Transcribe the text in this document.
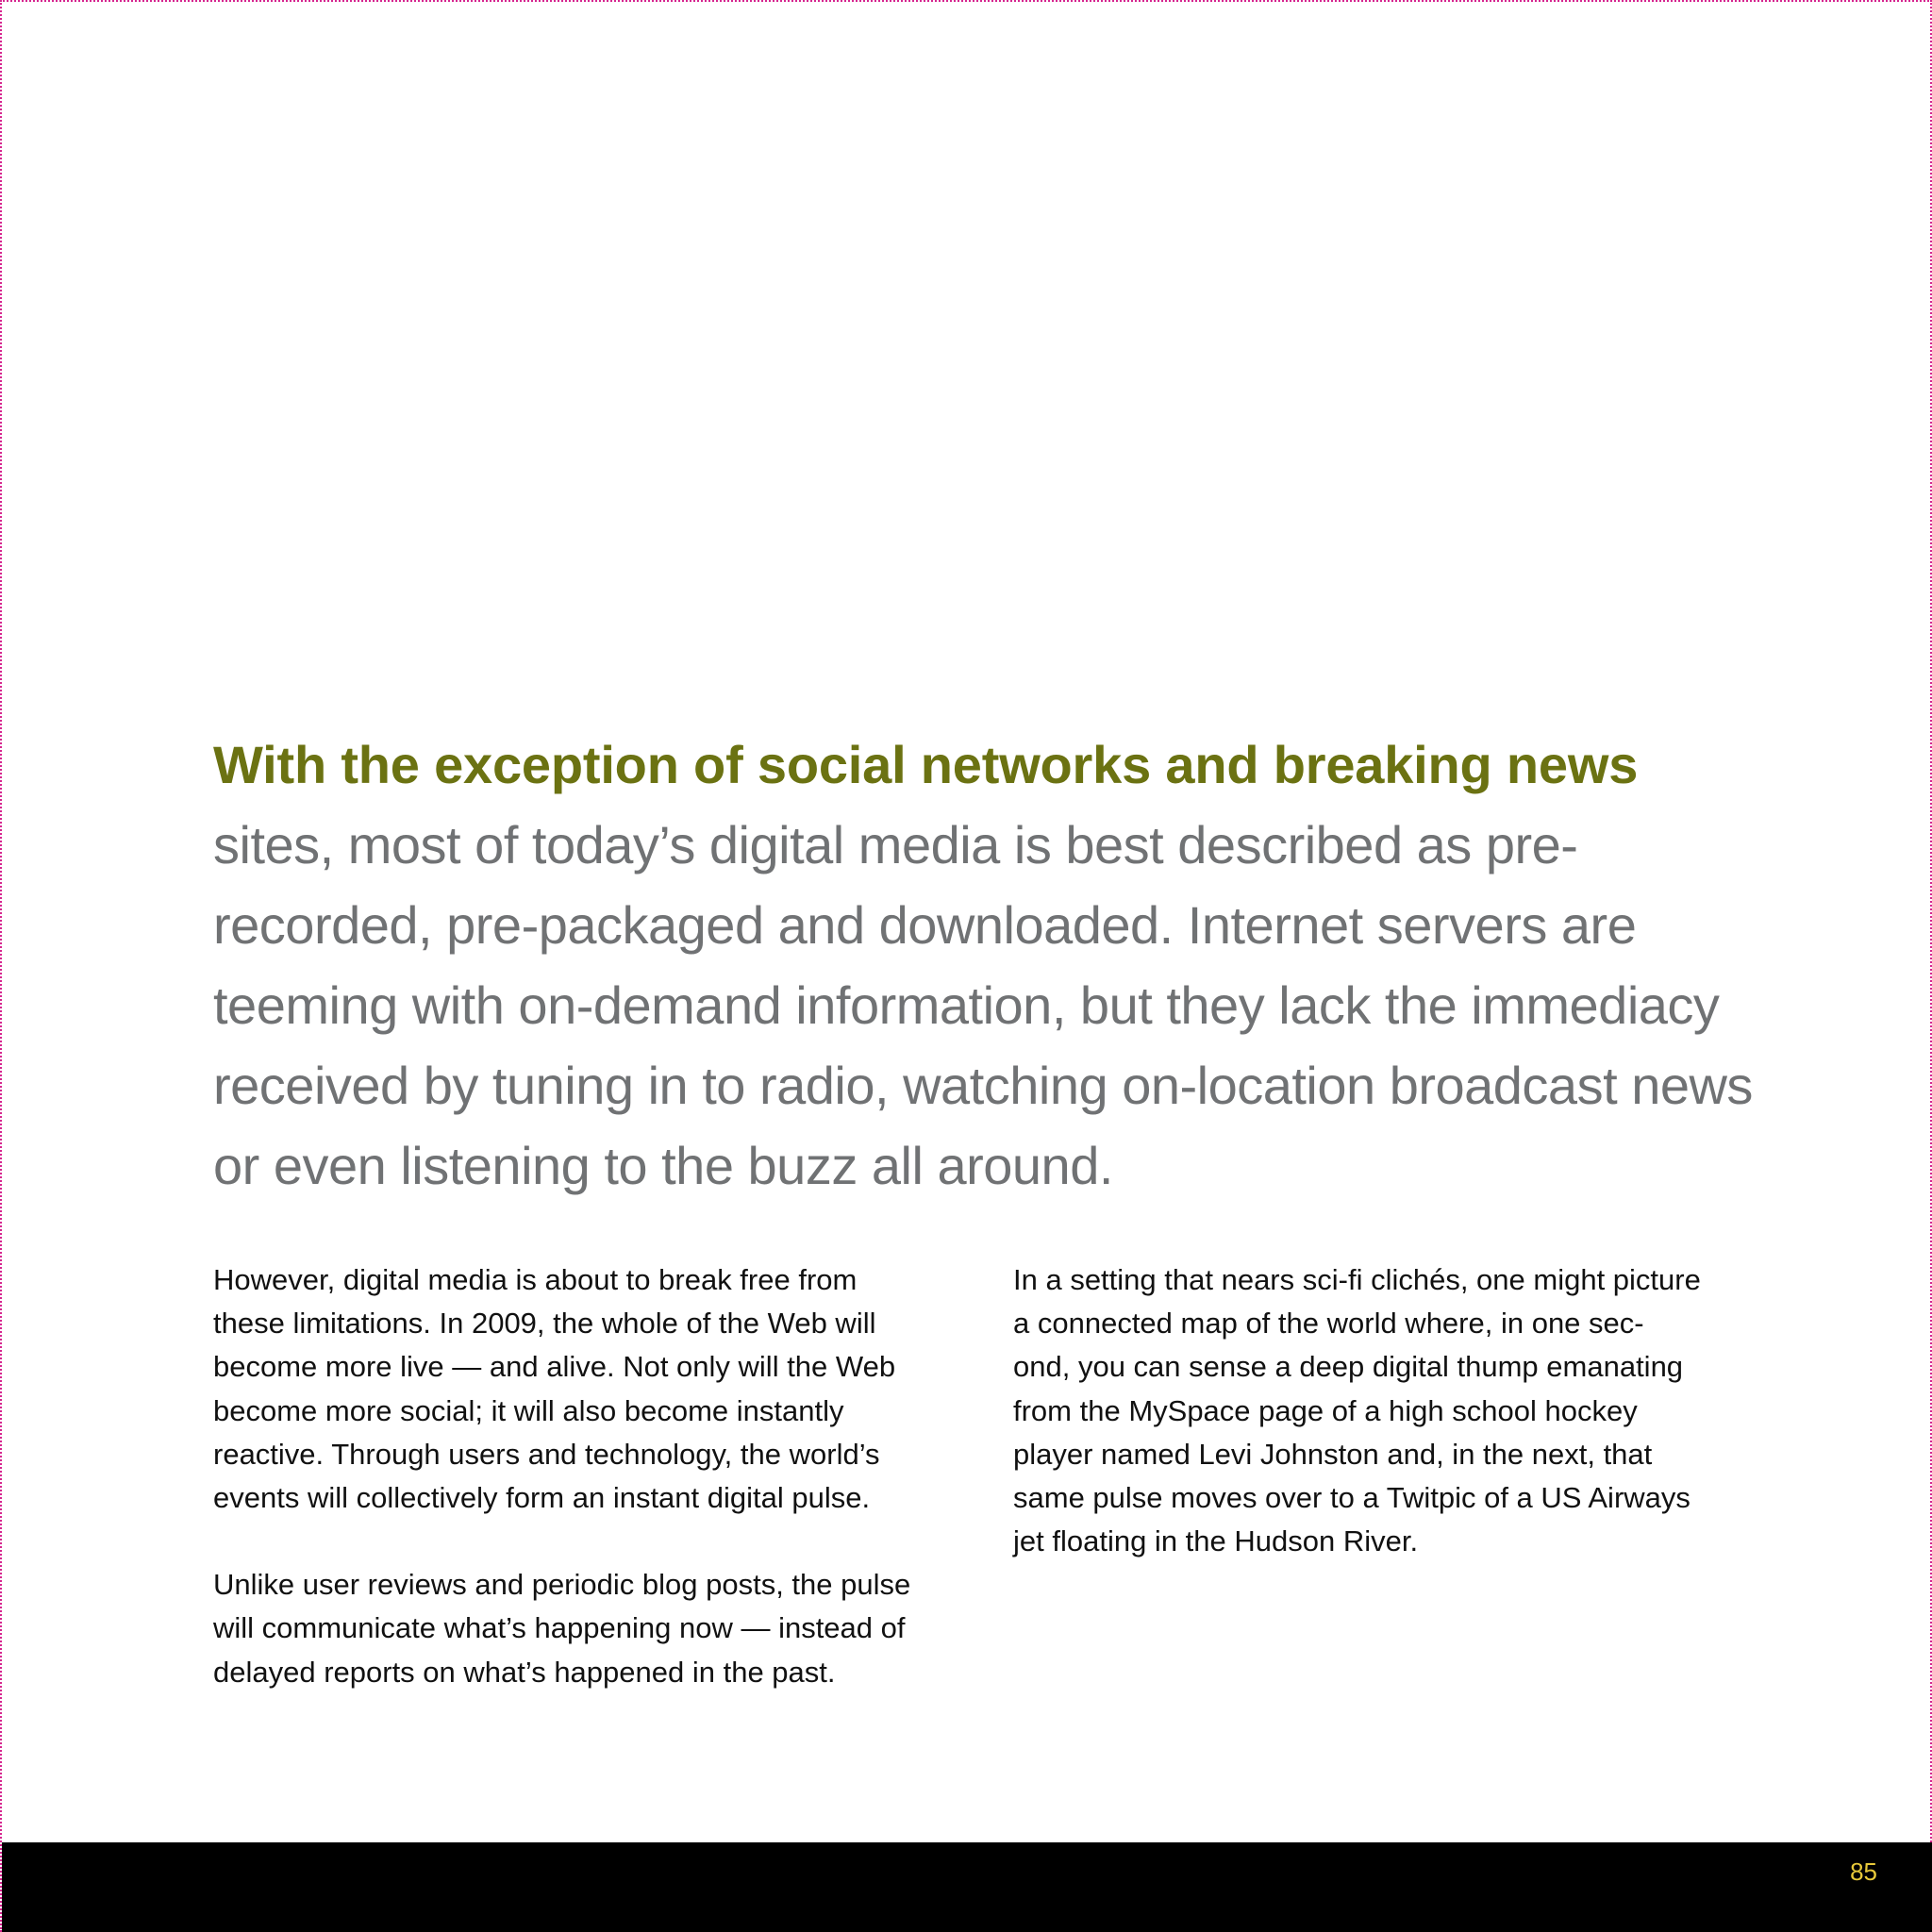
With the exception of social networks and breaking news
sites, most of today’s digital media is best described as pre-recorded, pre-packaged and downloaded. Internet servers are teeming with on-demand information, but they lack the immediacy received by tuning in to radio, watching on-location broadcast news or even listening to the buzz all around.

However, digital media is about to break free from
these limitations. In 2009, the whole of the Web will
become more live — and alive. Not only will the Web
become more social; it will also become instantly
reactive. Through users and technology, the world’s
events will collectively form an instant digital pulse.

Unlike user reviews and periodic blog posts, the pulse
will communicate what’s happening now — instead of
delayed reports on what’s happened in the past.

In a setting that nears sci-fi clichés, one might picture
a connected map of the world where, in one sec-
ond, you can sense a deep digital thump emanating
from the MySpace page of a high school hockey
player named Levi Johnston and, in the next, that
same pulse moves over to a Twitpic of a US Airways
jet floating in the Hudson River.

85
